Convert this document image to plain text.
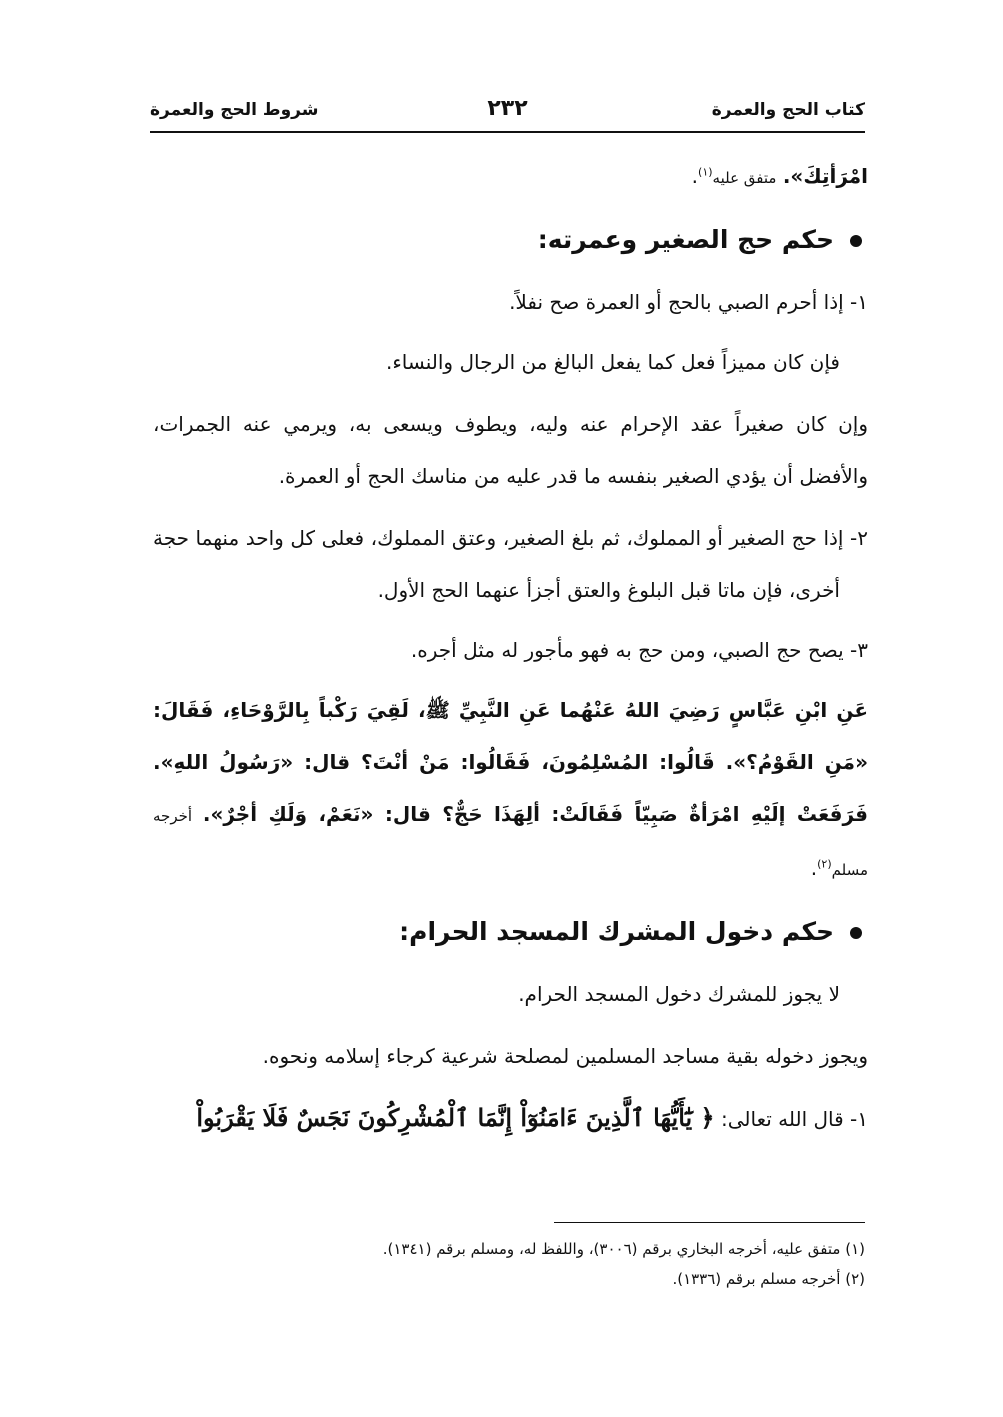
كتاب الحج والعمرة
٢٣٢
شروط الحج والعمرة

امْرَأتِكَ». متفق عليه$^{(١)}$.

حكم حج الصغير وعمرته:

١- إذا أحرم الصبي بالحج أو العمرة صح نفلاً.

فإن كان مميزاً فعل كما يفعل البالغ من الرجال والنساء.

وإن كان صغيراً عقد الإحرام عنه وليه، ويطوف ويسعى به، ويرمي عنه الجمرات، والأفضل أن يؤدي الصغير بنفسه ما قدر عليه من مناسك الحج أو العمرة.

٢- إذا حج الصغير أو المملوك، ثم بلغ الصغير، وعتق المملوك، فعلى كل واحد منهما حجة أخرى، فإن ماتا قبل البلوغ والعتق أجزأ عنهما الحج الأول.

٣- يصح حج الصبي، ومن حج به فهو مأجور له مثل أجره.

عَنِ ابْنِ عَبَّاسٍ رَضِيَ اللهُ عَنْهُما عَنِ النَّبِيِّ ﷺ، لَقِيَ رَكْباً بِالرَّوْحَاءِ، فَقَالَ: «مَنِ القَوْمُ؟». قَالُوا: المُسْلِمُونَ، فَقَالُوا: مَنْ أنْتَ؟ قال: «رَسُولُ اللهِ». فَرَفَعَتْ إلَيْهِ امْرَأةٌ صَبِيّاً فَقَالَتْ: ألِهَذَا حَجٌّ؟ قال: «نَعَمْ، وَلَكِ أجْرٌ». أخرجه مسلم$^{(٢)}$.

حكم دخول المشرك المسجد الحرام:

لا يجوز للمشرك دخول المسجد الحرام.

ويجوز دخوله بقية مساجد المسلمين لمصلحة شرعية كرجاء إسلامه ونحوه.

١- قال الله تعالى: ﴿ يَٰٓأَيُّهَا ٱلَّذِينَ ءَامَنُوٓاْ إِنَّمَا ٱلْمُشْرِكُونَ نَجَسٌ فَلَا يَقْرَبُواْ

(١) متفق عليه، أخرجه البخاري برقم (٣٠٠٦)، واللفظ له، ومسلم برقم (١٣٤١).

(٢) أخرجه مسلم برقم (١٣٣٦).
